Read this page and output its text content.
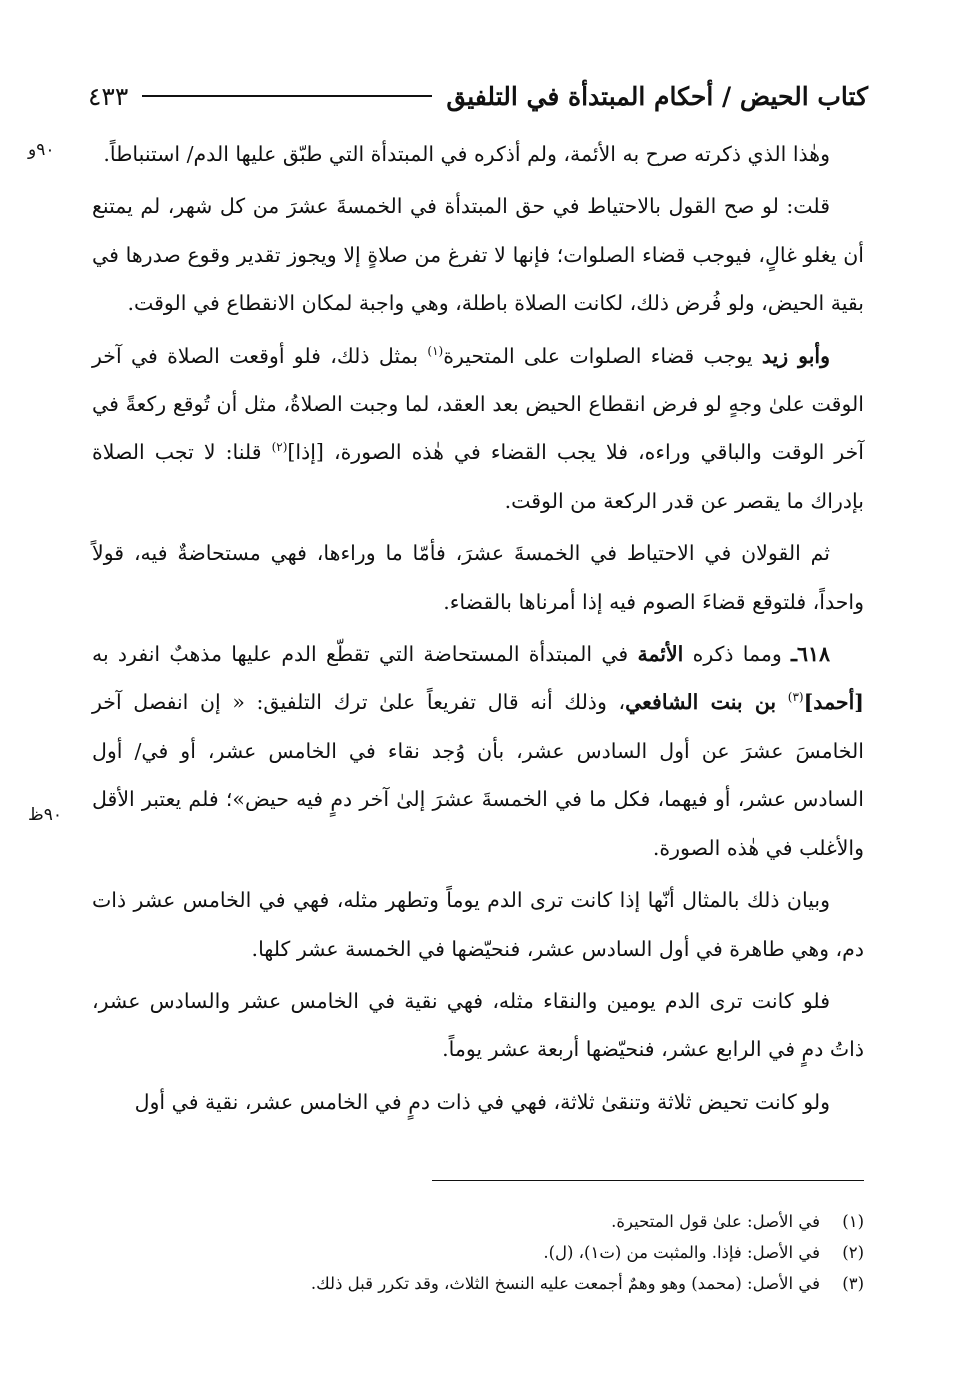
كتاب الحيض / أحكام المبتدأة في التلفيق
٤٣٣
٩٠و
٩٠ظ

وهٰذا الذي ذكرته صرح به الأئمة، ولم أذكره في المبتدأة التي طبّق عليها الدم/ استنباطاً.

قلت: لو صح القول بالاحتياط في حق المبتدأة في الخمسةَ عشرَ من كل شهر، لم يمتنع أن يغلو غالٍ، فيوجب قضاء الصلوات؛ فإنها لا تفرغ من صلاةٍ إلا ويجوز تقدير وقوع صدرها في بقية الحيض، ولو فُرض ذلك، لكانت الصلاة باطلة، وهي واجبة لمكان الانقطاع في الوقت.

وأبو زيد يوجب قضاء الصلوات على المتحيرة$^{(١)}$ بمثل ذلك، فلو أوقعت الصلاة في آخر الوقت علىٰ وجهٍ لو فرض انقطاع الحيض بعد العقد، لما وجبت الصلاةُ، مثل أن تُوقع ركعةً في آخر الوقت والباقي وراءه، فلا يجب القضاء في هٰذه الصورة، [إذا]$^{(٢)}$ قلنا: لا تجب الصلاة بإدراك ما يقصر عن قدر الركعة من الوقت.

ثم القولان في الاحتياط في الخمسةَ عشرَ، فأمّا ما وراءها، فهي مستحاضةٌ فيه، قولاً واحداً، فلتوقع قضاءَ الصوم فيه إذا أمرناها بالقضاء.

٦١٨ـ ومما ذكره الأئمة في المبتدأة المستحاضة التي تقطّع الدم عليها مذهبٌ انفرد به [أحمد]$^{(٣)}$ بن بنت الشافعي، وذلك أنه قال تفريعاً علىٰ ترك التلفيق: « إن انفصل آخر الخامسَ عشرَ عن أول السادس عشر، بأن وُجد نقاء في الخامس عشر، أو في/ أول السادس عشر، أو فيهما، فكل ما في الخمسةَ عشرَ إلىٰ آخر دمٍ فيه حيض»؛ فلم يعتبر الأقل والأغلب في هٰذه الصورة.

وبيان ذلك بالمثال أنّها إذا كانت ترى الدم يوماً وتطهر مثله، فهي في الخامس عشر ذات دم، وهي طاهرة في أول السادس عشر، فنحيّضها في الخمسة عشر كلها.

فلو كانت ترى الدم يومين والنقاء مثله، فهي نقية في الخامس عشر والسادس عشر، ذاتُ دمٍ في الرابع عشر، فنحيّضها أربعة عشر يوماً.

ولو كانت تحيض ثلاثة وتنقىٰ ثلاثة، فهي في ذات دمٍ في الخامس عشر، نقية في أول

(١)
في الأصل: علىٰ قول المتحيرة.
(٢)
في الأصل: فإذا. والمثبت من (ت١)، (ل).
(٣)
في الأصل: (محمد) وهو وهمٌ أجمعت عليه النسخ الثلاث، وقد تكرر قبل ذلك.
